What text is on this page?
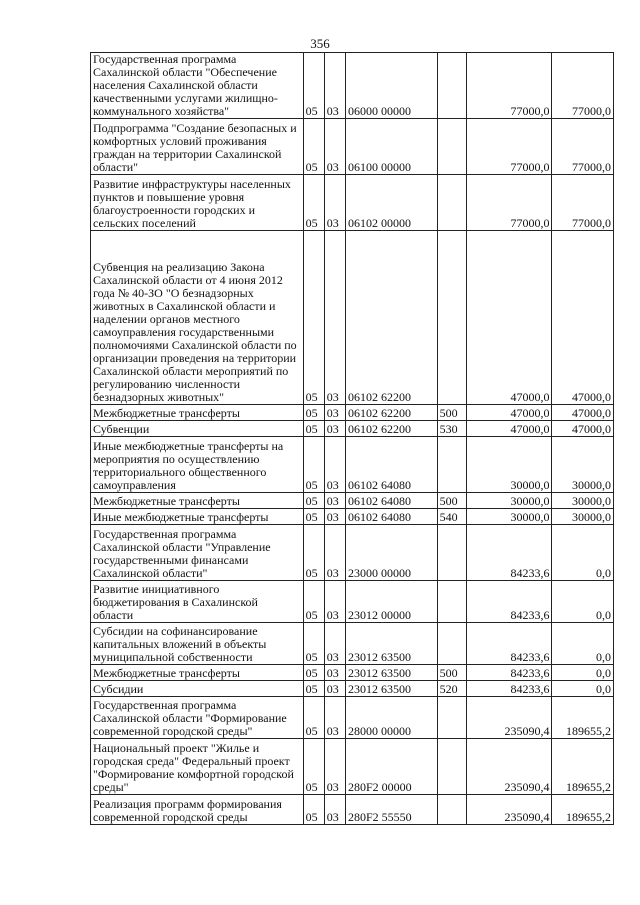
356
Государственная программа Сахалинской области "Обеспечение населения Сахалинской области качественными услугами жилищно-коммунального хозяйства"	05	03	06000 00000		77000,0	77000,0
Подпрограмма "Создание безопасных и комфортных условий проживания граждан на территории Сахалинской области"	05	03	06100 00000		77000,0	77000,0
Развитие инфраструктуры населенных пунктов и повышение уровня благоустроенности городских и сельских поселений	05	03	06102 00000		77000,0	77000,0
Субвенция на реализацию Закона Сахалинской области от 4 июня 2012 года № 40-ЗО "О безнадзорных животных в Сахалинской области и наделении органов местного самоуправления государственными полномочиями Сахалинской области по организации проведения на территории Сахалинской области мероприятий по регулированию численности безнадзорных животных"	05	03	06102 62200		47000,0	47000,0
Межбюджетные трансферты	05	03	06102 62200	500	47000,0	47000,0
Субвенции	05	03	06102 62200	530	47000,0	47000,0
Иные межбюджетные трансферты на мероприятия по осуществлению территориального общественного самоуправления	05	03	06102 64080		30000,0	30000,0
Межбюджетные трансферты	05	03	06102 64080	500	30000,0	30000,0
Иные межбюджетные трансферты	05	03	06102 64080	540	30000,0	30000,0
Государственная программа Сахалинской области "Управление государственными финансами Сахалинской области"	05	03	23000 00000		84233,6	0,0
Развитие инициативного бюджетирования в Сахалинской области	05	03	23012 00000		84233,6	0,0
Субсидии на софинансирование капитальных вложений в объекты муниципальной собственности	05	03	23012 63500		84233,6	0,0
Межбюджетные трансферты	05	03	23012 63500	500	84233,6	0,0
Субсидии	05	03	23012 63500	520	84233,6	0,0
Государственная программа Сахалинской области "Формирование современной городской среды"	05	03	28000 00000		235090,4	189655,2
Национальный проект "Жилье и городская среда" Федеральный проект "Формирование комфортной городской среды"	05	03	280F2 00000		235090,4	189655,2
Реализация программ формирования современной городской среды	05	03	280F2 55550		235090,4	189655,2
